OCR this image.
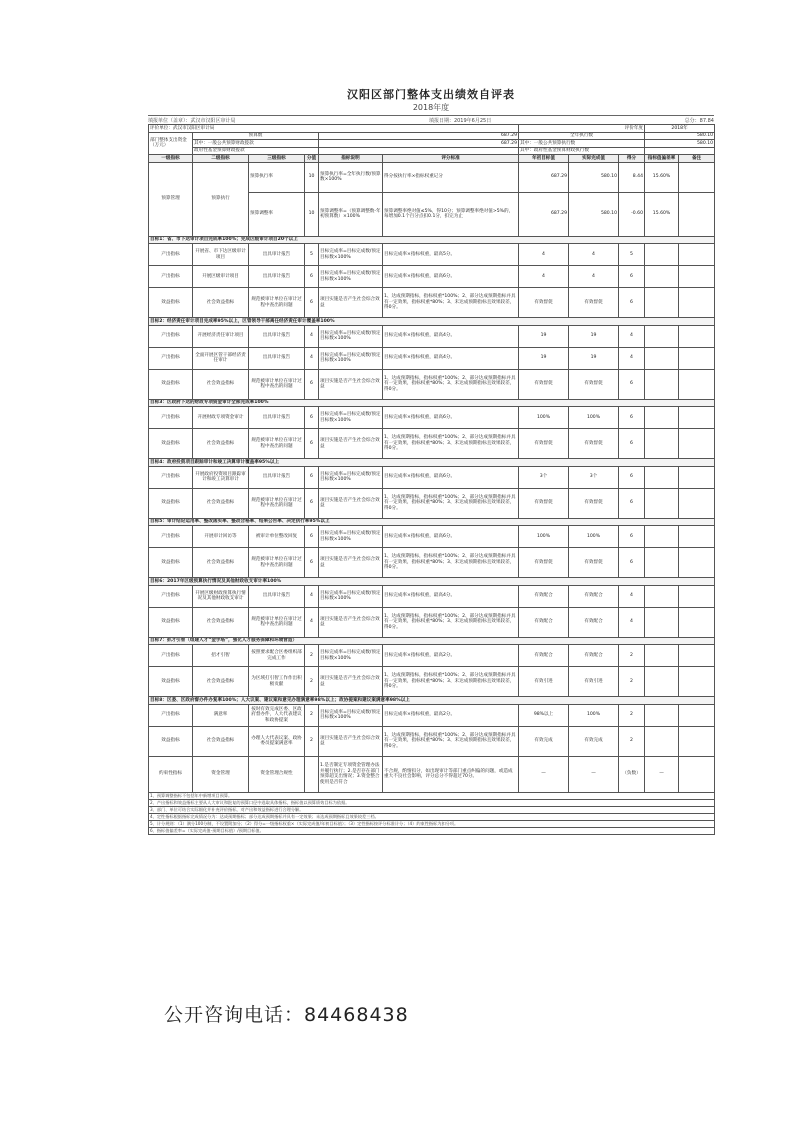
汉阳区部门整体支出绩效自评表
2018年度
填报单位（盖章）：武汉市汉阳区审计局	填报日期：2019年6月25日	总分：87.84
评价单位：武汉市汉阳区审计局						评价年度			2018年	
部门整体支出资金（万元）	预算数			687.29		全年执行数			580.10	
	其中：一般公共预算财政拨款			687.29		其中：一般公共预算执行数			580.10	
	政府性基金预算财政拨款					其中：政府性基金预算财政执行数				
一级指标	二级指标	三级指标	分值	指标说明	评分标准	年初目标值	实际完成值	得分	指标值偏差率	备注
预算管理	预算执行	预算执行率	10	预算执行率=全年执行数/预算数×100%	得分按执行率×指标权重记分	687.29	580.10	8.44	15.60%	
		预算调整率	10	预算调整率=（预算调整数-年初预算数）×100%	预算调整率绝对值≤5%，得10分；预算调整率绝对值>5%的，每增加0.1个百分点扣0.1分，扣完为止	687.29	580.10	-0.60	15.60%	
目标1：省、市下达审计项目完成率100%；完成区级审计项目20个以上										
产出指标	开展省、市下达区级审计项目	出具审计报告	5	目标完成率=目标完成数/预定目标数×100%	目标完成率×指标权重，最高5分。	4	4	5		
产出指标	开展区级审计项目	出具审计报告	6	目标完成率=目标完成数/预定目标数×100%	目标完成率×指标权重，最高6分。	4	4	6		
效益指标	社会效益指标	规范被审计单位在审计过程中查出的问题	6	项目实施是否产生社会综合效益	1、达成预期指标，指标权重*100%；2、部分达成预期指标并具有一定效果，指标权重*80%；3、未达成预期指标且效果较差，得0分。	有效督促	有效督促	6		
目标2：经济责任审计项目完成率95%以上，区管领导干部离任经济责任审计覆盖率100%										
产出指标	开展经济责任审计项目	出具审计报告	4	目标完成率=目标完成数/预定目标数×100%	目标完成率×指标权重，最高4分。	19	19	4		
产出指标	全面开展区管干部经济责任审计	出具审计报告	4	目标完成率=目标完成数/预定目标数×100%	目标完成率×指标权重，最高4分。	19	19	4		
效益指标	社会效益指标	规范被审计单位在审计过程中查出的问题	6	项目实施是否产生社会综合效益	1、达成预期指标，指标权重*100%；2、部分达成预期指标并具有一定效果，指标权重*80%；3、未达成预期指标且效果较差，得0分。	有效督促	有效督促	6		
目标3：区政府下达的财政专项资金审计全部完成率100%										
产出指标	开展财政专项资金审计	出具审计报告	6	目标完成率=目标完成数/预定目标数×100%	目标完成率×指标权重，最高6分。	100%	100%	6		
效益指标	社会效益指标	规范被审计单位在审计过程中查出的问题	6	项目实施是否产生社会综合效益	1、达成预期指标，指标权重*100%；2、部分达成预期指标并具有一定效果，指标权重*80%；3、未达成预期指标且效果较差，得0分。	有效督促	有效督促	6		
目标4：政府投资项目跟踪审计和竣工决算审计覆盖率95%以上										
产出指标	开展政府投资项目跟踪审计和竣工决算审计	出具审计报告	6	目标完成率=目标完成数/预定目标数×100%	目标完成率×指标权重，最高6分。	3个	3个	6		
效益指标	社会效益指标	规范被审计单位在审计过程中查出的问题	6	项目实施是否产生社会综合效益	1、达成预期指标，指标权重*100%；2、部分达成预期指标并具有一定效果，指标权重*80%；3、未达成预期指标且效果较差，得0分。	有效督促	有效督促	6		
目标5：审计结论运用率、整改落实率、整改合格率、结果公告率、决定执行率95%以上										
产出指标	开展审计回访等	被审计单位整改回复	6	目标完成率=目标完成数/预定目标数×100%	目标完成率×指标权重，最高6分。	100%	100%	6		
效益指标	社会效益指标	规范被审计单位在审计过程中查出的问题	6	项目实施是否产生社会综合效益	1、达成预期指标，指标权重*100%；2、部分达成预期指标并具有一定效果，指标权重*80%；3、未达成预期指标且效果较差，得0分。	有效督促	有效督促	6		
目标6：2017年区级预算执行情况及其他财政收支审计率100%										
产出指标	开展区级财政预算执行情况及其他财政收支审计	出具审计报告	4	目标完成率=目标完成数/预定目标数×100%	目标完成率×指标权重，最高4分。	有效配合	有效配合	4		
效益指标	社会效益指标	规范被审计单位在审计过程中查出的问题	4	项目实施是否产生社会综合效益	1、达成预期指标，指标权重*100%；2、部分达成预期指标并具有一定效果，指标权重*80%；3、未达成预期指标且效果较差，得0分。	有效配合	有效配合	4		
目标7：抓才引智（组建人才“金字塔”，强化人才服务保障和环境营造）										
产出指标	招才引智	按照要求配合区委组织部完成工作	2	目标完成率=目标完成数/预定目标数×100%	目标完成率×指标权重，最高2分。	有效配合	有效配合	2		
效益指标	社会效益指标	为区域打引智工作作出积极贡献	2	项目实施是否产生社会综合效益	1、达成预期指标，指标权重*100%；2、部分达成预期指标并具有一定效果，指标权重*80%；3、未达成预期指标且效果较差，得0分。	有效引进	有效引进	2		
目标8：区委、区政府督办件办复率100%；人大议案、建议案和意见办理满意率98%以上；政协提案和建议案满意率98%以上										
产出指标	满意率	按时有效完成区委、区政府督办件，人大代表建议和政协提案	2	目标完成率=目标完成数/预定目标数×100%	目标完成率×指标权重，最高2分。	98%以上	100%	2		
效益指标	社会效益指标	办理人大代表议案、政协委员提案满意率	2	项目实施是否产生社会综合效益	1、达成预期指标，指标权重*100%；2、部分达成预期指标并具有一定效果，指标权重*80%；3、未达成预期指标且效果较差，得0分。	有效完成	有效完成	2		
约束性指标	资金管理	资金管理合规性		1.是否制定专项资金管理办法并履行执行；2.是否存在部门预算超支出情况；3.资金整合使用是否符合	不合规，酌情扣分，如出现审计等部门重点纠偏的问题，或造成重大不良社会影响，评分总分不得超过70分。	—	—	（负数）	—	
1、预算调整指标不包括年中新增项目预算。										
2、产出指标和效益指标主要从人大审议和批复的预算口径中选取具体指标，指标值以预算绩效目标为依据。										
3、部门、单位可结合实际细化并补充评价指标，对产出和效益指标进行合理分解。										
4、定性指标根据指标完成情况分为：达成预期指标；部分达成预期指标并具有一定效果；未达成预期指标且效果较差三档。										
5、计分规则：（1）满分100分制，不设置附加分；（2）得分=一级指标权重×（实际完成值/年初目标值）；（3）定性指标按评分标准计分；（4）约束性指标为扣分项。										
6、指标值偏差率=（实际完成值-预期目标值）/预期目标值。										
公开咨询电话：84468438
